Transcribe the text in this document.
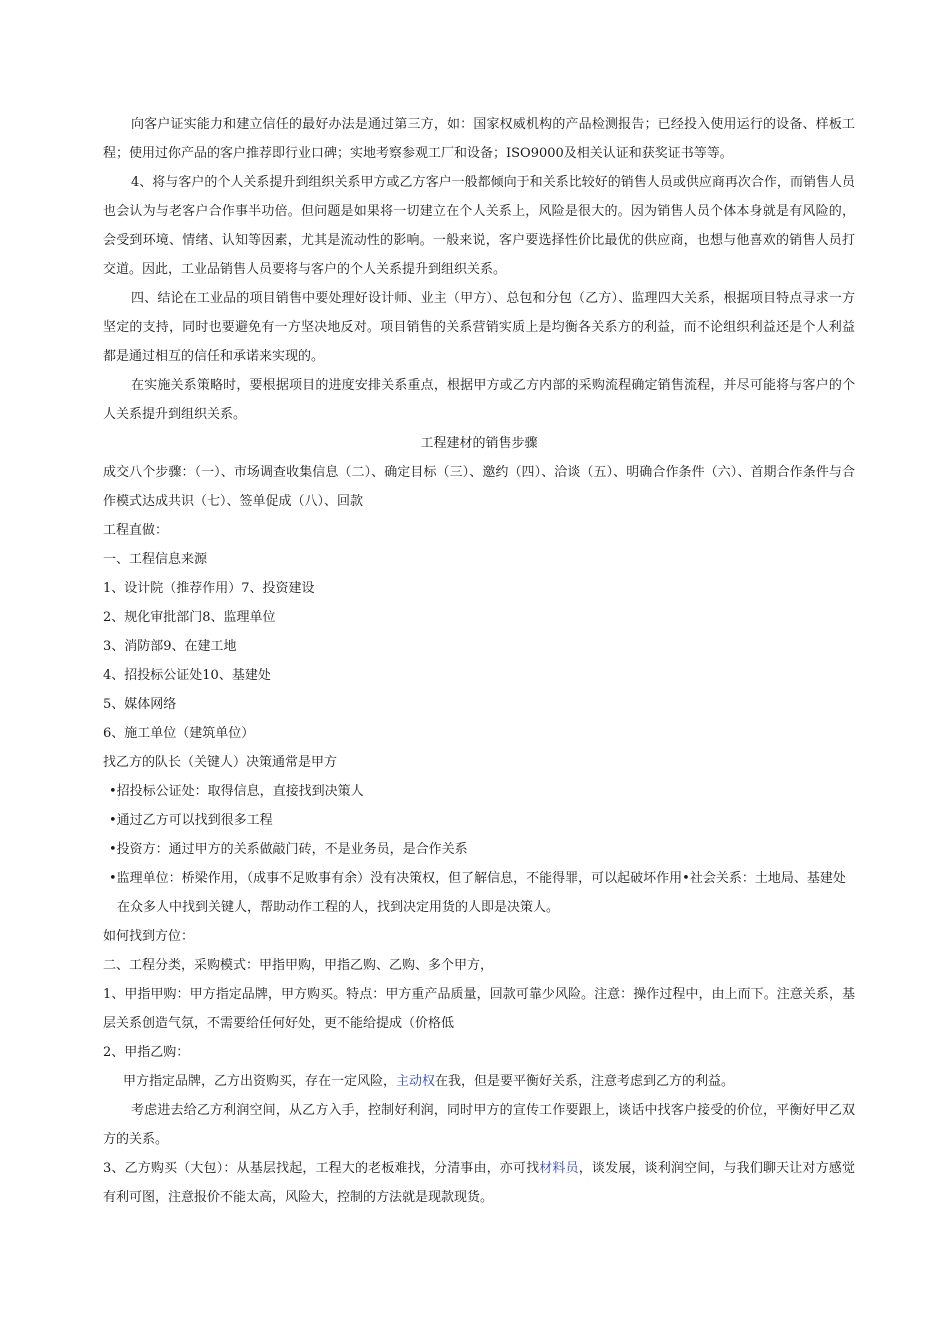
向客户证实能力和建立信任的最好办法是通过第三方，如：国家权威机构的产品检测报告；已经投入使用运行的设备、样板工程；使用过你产品的客户推荐即行业口碑；实地考察参观工厂和设备；ISO9000及相关认证和获奖证书等等。

4、将与客户的个人关系提升到组织关系甲方或乙方客户一般都倾向于和关系比较好的销售人员或供应商再次合作，而销售人员也会认为与老客户合作事半功倍。但问题是如果将一切建立在个人关系上，风险是很大的。因为销售人员个体本身就是有风险的，会受到环境、情绪、认知等因素，尤其是流动性的影响。一般来说，客户要选择性价比最优的供应商，也想与他喜欢的销售人员打交道。因此，工业品销售人员要将与客户的个人关系提升到组织关系。

四、结论在工业品的项目销售中要处理好设计师、业主（甲方）、总包和分包（乙方）、监理四大关系，根据项目特点寻求一方坚定的支持，同时也要避免有一方坚决地反对。项目销售的关系营销实质上是均衡各关系方的利益，而不论组织利益还是个人利益都是通过相互的信任和承诺来实现的。

在实施关系策略时，要根据项目的进度安排关系重点，根据甲方或乙方内部的采购流程确定销售流程，并尽可能将与客户的个人关系提升到组织关系。

工程建材的销售步骤

成交八个步骤：（一）、市场调查收集信息（二）、确定目标（三）、邀约（四）、洽谈（五）、明确合作条件（六）、首期合作条件与合作模式达成共识（七）、签单促成（八）、回款

工程直做：

一、工程信息来源

1、设计院（推荐作用）7、投资建设

2、规化审批部门8、监理单位

3、消防部9、在建工地

4、招投标公证处10、基建处

5、媒体网络

6、施工单位（建筑单位）

找乙方的队长（关键人）决策通常是甲方

•招投标公证处：取得信息，直接找到决策人

•通过乙方可以找到很多工程

•投资方：通过甲方的关系做敲门砖，不是业务员，是合作关系

•监理单位：桥梁作用，（成事不足败事有余）没有决策权，但了解信息，不能得罪，可以起破坏作用•社会关系：土地局、基建处

在众多人中找到关键人，帮助动作工程的人，找到决定用货的人即是决策人。

如何找到方位：

二、工程分类，采购模式：甲指甲购，甲指乙购、乙购、多个甲方，

1、甲指甲购：甲方指定品牌，甲方购买。特点：甲方重产品质量，回款可靠少风险。注意：操作过程中，由上而下。注意关系，基层关系创造气氛，不需要给任何好处，更不能给提成（价格低

2、甲指乙购：

甲方指定品牌，乙方出资购买，存在一定风险，主动权在我，但是要平衡好关系，注意考虑到乙方的利益。

考虑进去给乙方利润空间，从乙方入手，控制好利润，同时甲方的宣传工作要跟上，谈话中找客户接受的价位，平衡好甲乙双方的关系。

3、乙方购买（大包）：从基层找起，工程大的老板难找，分清事由，亦可找材料员，谈发展，谈利润空间，与我们聊天让对方感觉有利可图，注意报价不能太高，风险大，控制的方法就是现款现货。
